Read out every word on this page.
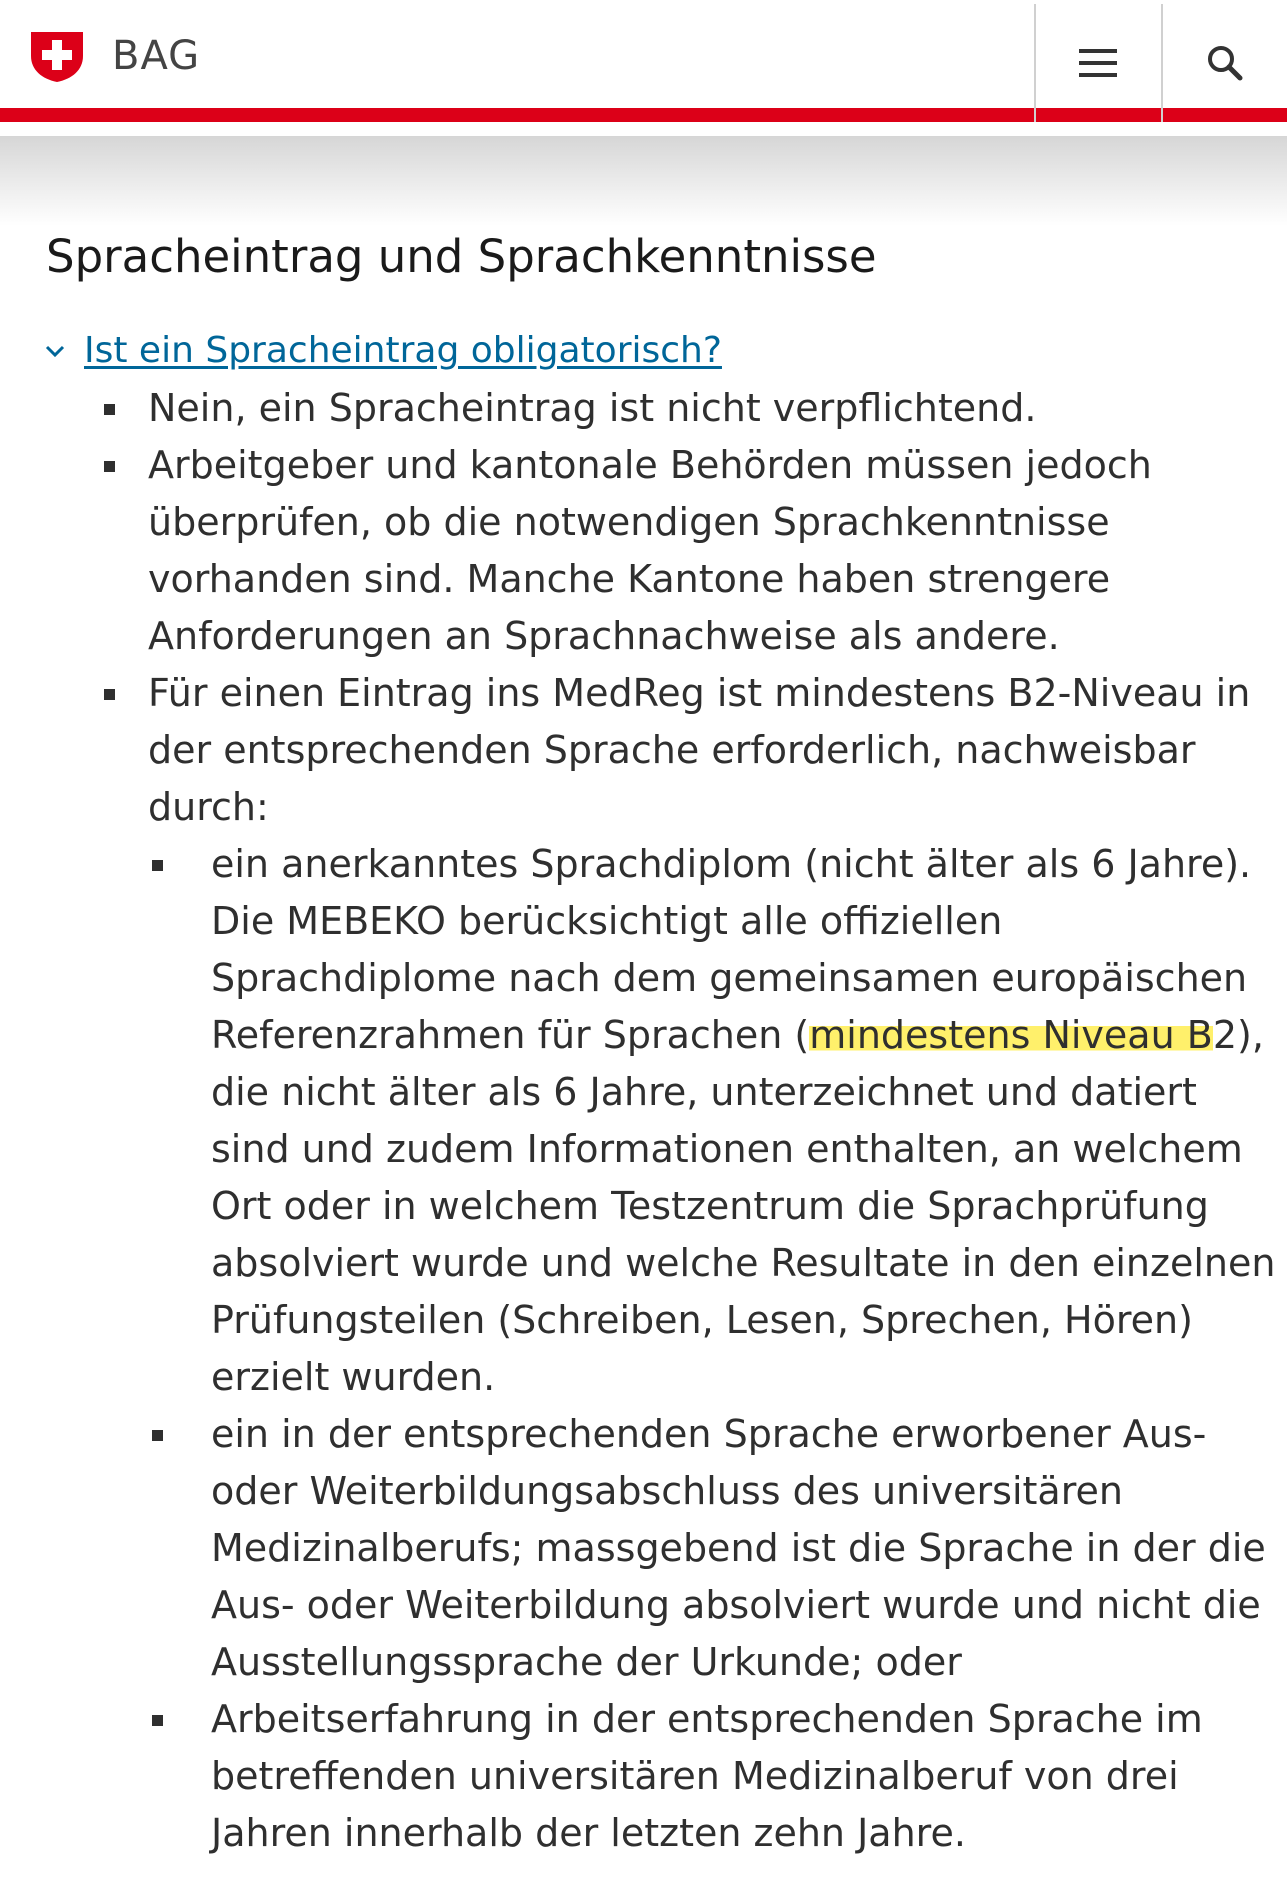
BAG
Spracheintrag und Sprachkenntnisse
Ist ein Spracheintrag obligatorisch?
Nein, ein Spracheintrag ist nicht verpflichtend.
Arbeitgeber und kantonale Behörden müssen jedoch
überprüfen, ob die notwendigen Sprachkenntnisse
vorhanden sind. Manche Kantone haben strengere
Anforderungen an Sprachnachweise als andere.
Für einen Eintrag ins MedReg ist mindestens B2-Niveau in
der entsprechenden Sprache erforderlich, nachweisbar
durch:
ein anerkanntes Sprachdiplom (nicht älter als 6 Jahre).
Die MEBEKO berücksichtigt alle offiziellen
Sprachdiplome nach dem gemeinsamen europäischen
Referenzrahmen für Sprachen (mindestens Niveau B2),
die nicht älter als 6 Jahre, unterzeichnet und datiert
sind und zudem Informationen enthalten, an welchem
Ort oder in welchem Testzentrum die Sprachprüfung
absolviert wurde und welche Resultate in den einzelnen
Prüfungsteilen (Schreiben, Lesen, Sprechen, Hören)
erzielt wurden.
ein in der entsprechenden Sprache erworbener Aus-
oder Weiterbildungsabschluss des universitären
Medizinalberufs; massgebend ist die Sprache in der die
Aus- oder Weiterbildung absolviert wurde und nicht die
Ausstellungssprache der Urkunde; oder
Arbeitserfahrung in der entsprechenden Sprache im
betreffenden universitären Medizinalberuf von drei
Jahren innerhalb der letzten zehn Jahre.
